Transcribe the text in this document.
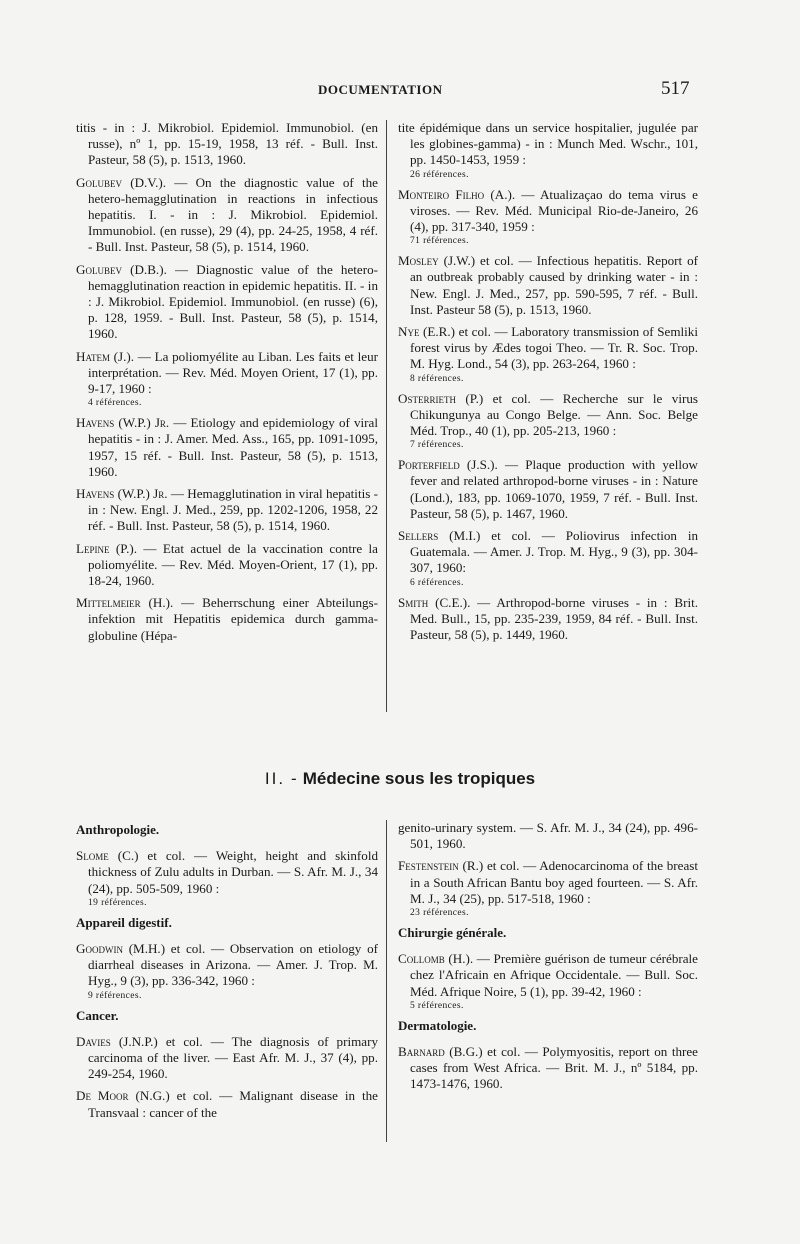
DOCUMENTATION	517

titis - in : J. Mikrobiol. Epidemiol. Immunobiol. (en russe), nº 1, pp. 15-19, 1958, 13 réf. - Bull. Inst. Pasteur, 58 (5), p. 1513, 1960.

Golubev (D.V.). — On the diagnostic value of the hetero-hemagglutination in reactions in infectious hepatitis. I. - in : J. Mikrobiol. Epidemiol. Immunobiol. (en russe), 29 (4), pp. 24-25, 1958, 4 réf. - Bull. Inst. Pasteur, 58 (5), p. 1514, 1960.

Golubev (D.B.). — Diagnostic value of the hetero-hemagglutination reaction in epidemic hepatitis. II. - in : J. Mikrobiol. Epidemiol. Immunobiol. (en russe) (6), p. 128, 1959. - Bull. Inst. Pasteur, 58 (5), p. 1514, 1960.

Hatem (J.). — La poliomyélite au Liban. Les faits et leur interprétation. — Rev. Méd. Moyen Orient, 17 (1), pp. 9-17, 1960 :
4 références.

Havens (W.P.) Jr. — Etiology and epidemiology of viral hepatitis - in : J. Amer. Med. Ass., 165, pp. 1091-1095, 1957, 15 réf. - Bull. Inst. Pasteur, 58 (5), p. 1513, 1960.

Havens (W.P.) Jr. — Hemagglutination in viral hepatitis - in : New. Engl. J. Med., 259, pp. 1202-1206, 1958, 22 réf. - Bull. Inst. Pasteur, 58 (5), p. 1514, 1960.

Lepine (P.). — Etat actuel de la vaccination contre la poliomyélite. — Rev. Méd. Moyen-Orient, 17 (1), pp. 18-24, 1960.

Mittelmeier (H.). — Beherrschung einer Abteilungs-infektion mit Hepatitis epidemica durch gamma-globuline (Hépa-

tite épidémique dans un service hospitalier, jugulée par les globines-gamma) - in : Munch Med. Wschr., 101, pp. 1450-1453, 1959 :
26 références.

Monteiro Filho (A.). — Atualizaçao do tema virus e viroses. — Rev. Méd. Municipal Rio-de-Janeiro, 26 (4), pp. 317-340, 1959 :
71 références.

Mosley (J.W.) et col. — Infectious hepatitis. Report of an outbreak probably caused by drinking water - in : New. Engl. J. Med., 257, pp. 590-595, 7 réf. - Bull. Inst. Pasteur 58 (5), p. 1513, 1960.

Nye (E.R.) et col. — Laboratory transmission of Semliki forest virus by Ædes togoi Theo. — Tr. R. Soc. Trop. M. Hyg. Lond., 54 (3), pp. 263-264, 1960 :
8 références.

Osterrieth (P.) et col. — Recherche sur le virus Chikungunya au Congo Belge. — Ann. Soc. Belge Méd. Trop., 40 (1), pp. 205-213, 1960 :
7 références.

Porterfield (J.S.). — Plaque production with yellow fever and related arthropod-borne viruses - in : Nature (Lond.), 183, pp. 1069-1070, 1959, 7 réf. - Bull. Inst. Pasteur, 58 (5), p. 1467, 1960.

Sellers (M.I.) et col. — Poliovirus infection in Guatemala. — Amer. J. Trop. M. Hyg., 9 (3), pp. 304-307, 1960:
6 références.

Smith (C.E.). — Arthropod-borne viruses - in : Brit. Med. Bull., 15, pp. 235-239, 1959, 84 réf. - Bull. Inst. Pasteur, 58 (5), p. 1449, 1960.

II. - Médecine sous les tropiques
Anthropologie.

Slome (C.) et col. — Weight, height and skinfold thickness of Zulu adults in Durban. — S. Afr. M. J., 34 (24), pp. 505-509, 1960 :
19 références.

Appareil digestif.

Goodwin (M.H.) et col. — Observation on etiology of diarrheal diseases in Arizona. — Amer. J. Trop. M. Hyg., 9 (3), pp. 336-342, 1960 :
9 références.

Cancer.

Davies (J.N.P.) et col. — The diagnosis of primary carcinoma of the liver. — East Afr. M. J., 37 (4), pp. 249-254, 1960.

De Moor (N.G.) et col. — Malignant disease in the Transvaal : cancer of the

genito-urinary system. — S. Afr. M. J., 34 (24), pp. 496-501, 1960.

Festenstein (R.) et col. — Adenocarcinoma of the breast in a South African Bantu boy aged fourteen. — S. Afr. M. J., 34 (25), pp. 517-518, 1960 :
23 références.

Chirurgie générale.

Collomb (H.). — Première guérison de tumeur cérébrale chez l'Africain en Afrique Occidentale. — Bull. Soc. Méd. Afrique Noire, 5 (1), pp. 39-42, 1960 :
5 références.

Dermatologie.

Barnard (B.G.) et col. — Polymyositis, report on three cases from West Africa. — Brit. M. J., nº 5184, pp. 1473-1476, 1960.
